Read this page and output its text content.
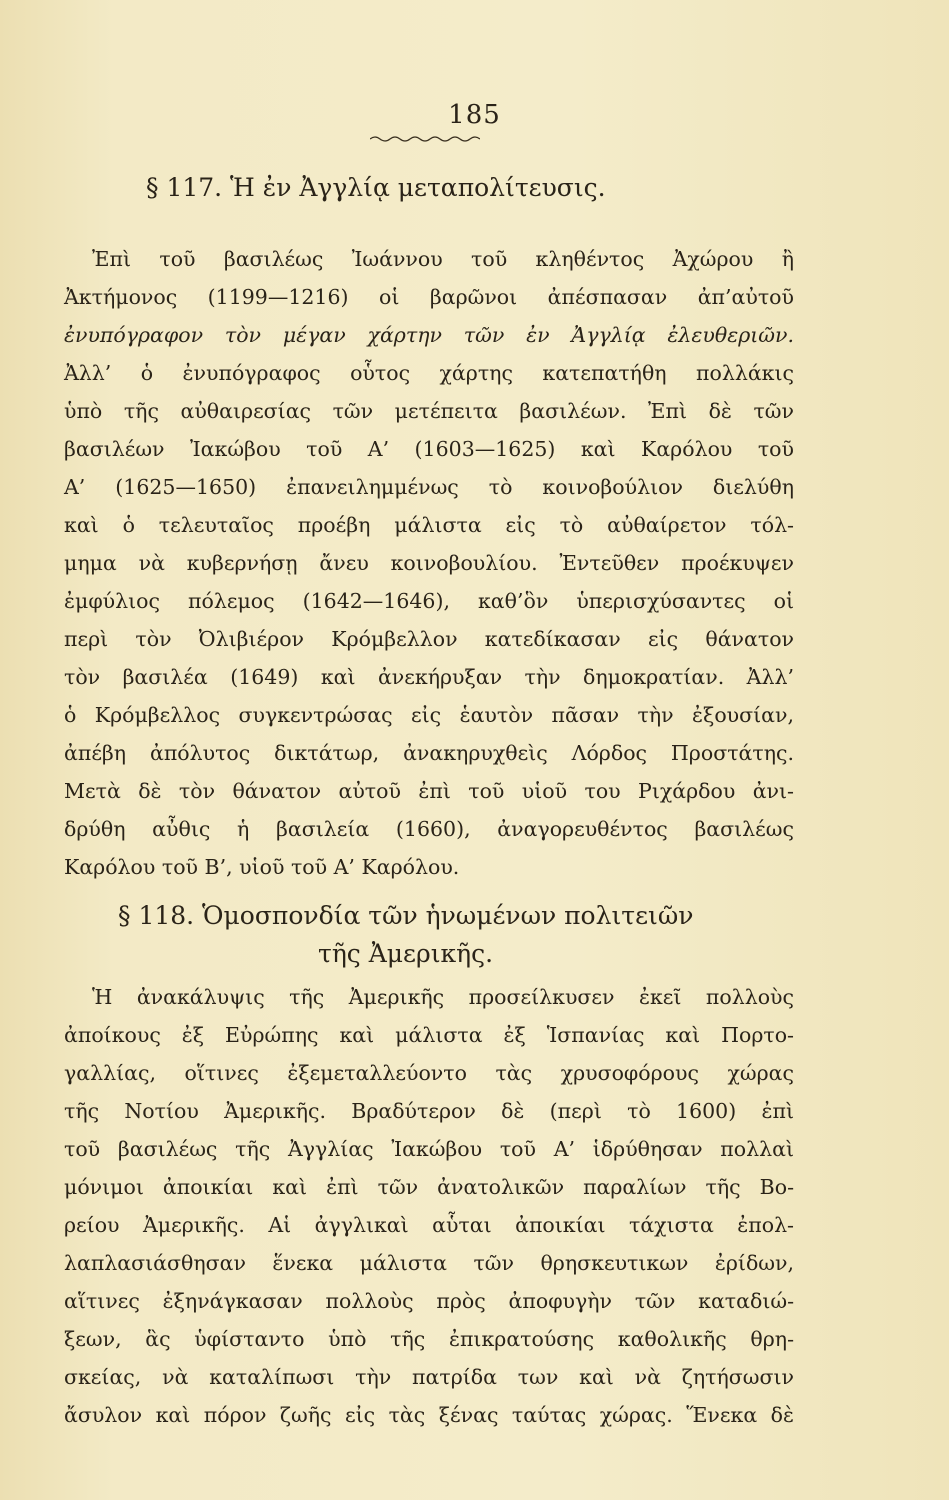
185
§ 117. Ἡ ἐν Ἀγγλίᾳ μεταπολίτευσις.
Ἐπὶ τοῦ βασιλέως Ἰωάννου τοῦ κληθέντος Ἀχώρου ἢ
Ἀκτήμονος (1199—1216) οἱ βαρῶνοι ἀπέσπασαν ἀπ’αὐτοῦ
ἐνυπόγραφον τὸν μέγαν χάρτην τῶν ἐν Ἀγγλίᾳ ἐλευθεριῶν.
Ἀλλ’ ὁ ἐνυπόγραφος οὗτος χάρτης κατεπατήθη πολλάκις
ὑπὸ τῆς αὐθαιρεσίας τῶν μετέπειτα βασιλέων. Ἐπὶ δὲ τῶν
βασιλέων Ἰακώβου τοῦ Α’ (1603—1625) καὶ Καρόλου τοῦ
Α’ (1625—1650) ἐπανειλημμένως τὸ κοινοβούλιον διελύθη
καὶ ὁ τελευταῖος προέβη μάλιστα εἰς τὸ αὐθαίρετον τόλ-
μημα νὰ κυβερνήσῃ ἄνευ κοινοβουλίου. Ἐντεῦθεν προέκυψεν
ἐμφύλιος πόλεμος (1642—1646), καθ’ὃν ὑπερισχύσαντες οἱ
περὶ τὸν Ὀλιβιέρον Κρόμβελλον κατεδίκασαν εἰς θάνατον
τὸν βασιλέα (1649) καὶ ἀνεκήρυξαν τὴν δημοκρατίαν. Ἀλλ’
ὁ Κρόμβελλος συγκεντρώσας εἰς ἑαυτὸν πᾶσαν τὴν ἐξουσίαν,
ἀπέβη ἀπόλυτος δικτάτωρ, ἀνακηρυχθεὶς Λόρδος Προστάτης.
Μετὰ δὲ τὸν θάνατον αὐτοῦ ἐπὶ τοῦ υἱοῦ του Ριχάρδου ἀνι-
δρύθη αὖθις ἡ βασιλεία (1660), ἀναγορευθέντος βασιλέως
Καρόλου τοῦ Β’, υἱοῦ τοῦ Α’ Καρόλου.
§ 118. Ὁμοσπονδία τῶν ἡνωμένων πολιτειῶν
τῆς Ἀμερικῆς.
Ἡ ἀνακάλυψις τῆς Ἀμερικῆς προσείλκυσεν ἐκεῖ πολλοὺς
ἀποίκους ἐξ Εὐρώπης καὶ μάλιστα ἐξ Ἱσπανίας καὶ Πορτο-
γαλλίας, οἵτινες ἐξεμεταλλεύοντο τὰς χρυσοφόρους χώρας
τῆς Νοτίου Ἀμερικῆς. Βραδύτερον δὲ (περὶ τὸ 1600) ἐπὶ
τοῦ βασιλέως τῆς Ἀγγλίας Ἰακώβου τοῦ Α’ ἱδρύθησαν πολλαὶ
μόνιμοι ἀποικίαι καὶ ἐπὶ τῶν ἀνατολικῶν παραλίων τῆς Βο-
ρείου Ἀμερικῆς. Αἱ ἀγγλικαὶ αὗται ἀποικίαι τάχιστα ἐπολ-
λαπλασιάσθησαν ἕνεκα μάλιστα τῶν θρησκευτικων ἐρίδων,
αἵτινες ἐξηνάγκασαν πολλοὺς πρὸς ἀποφυγὴν τῶν καταδιώ-
ξεων, ἃς ὑφίσταντο ὑπὸ τῆς ἐπικρατούσης καθολικῆς θρη-
σκείας, νὰ καταλίπωσι τὴν πατρίδα των καὶ νὰ ζητήσωσιν
ἄσυλον καὶ πόρον ζωῆς εἰς τὰς ξένας ταύτας χώρας. Ἕνεκα δὲ
